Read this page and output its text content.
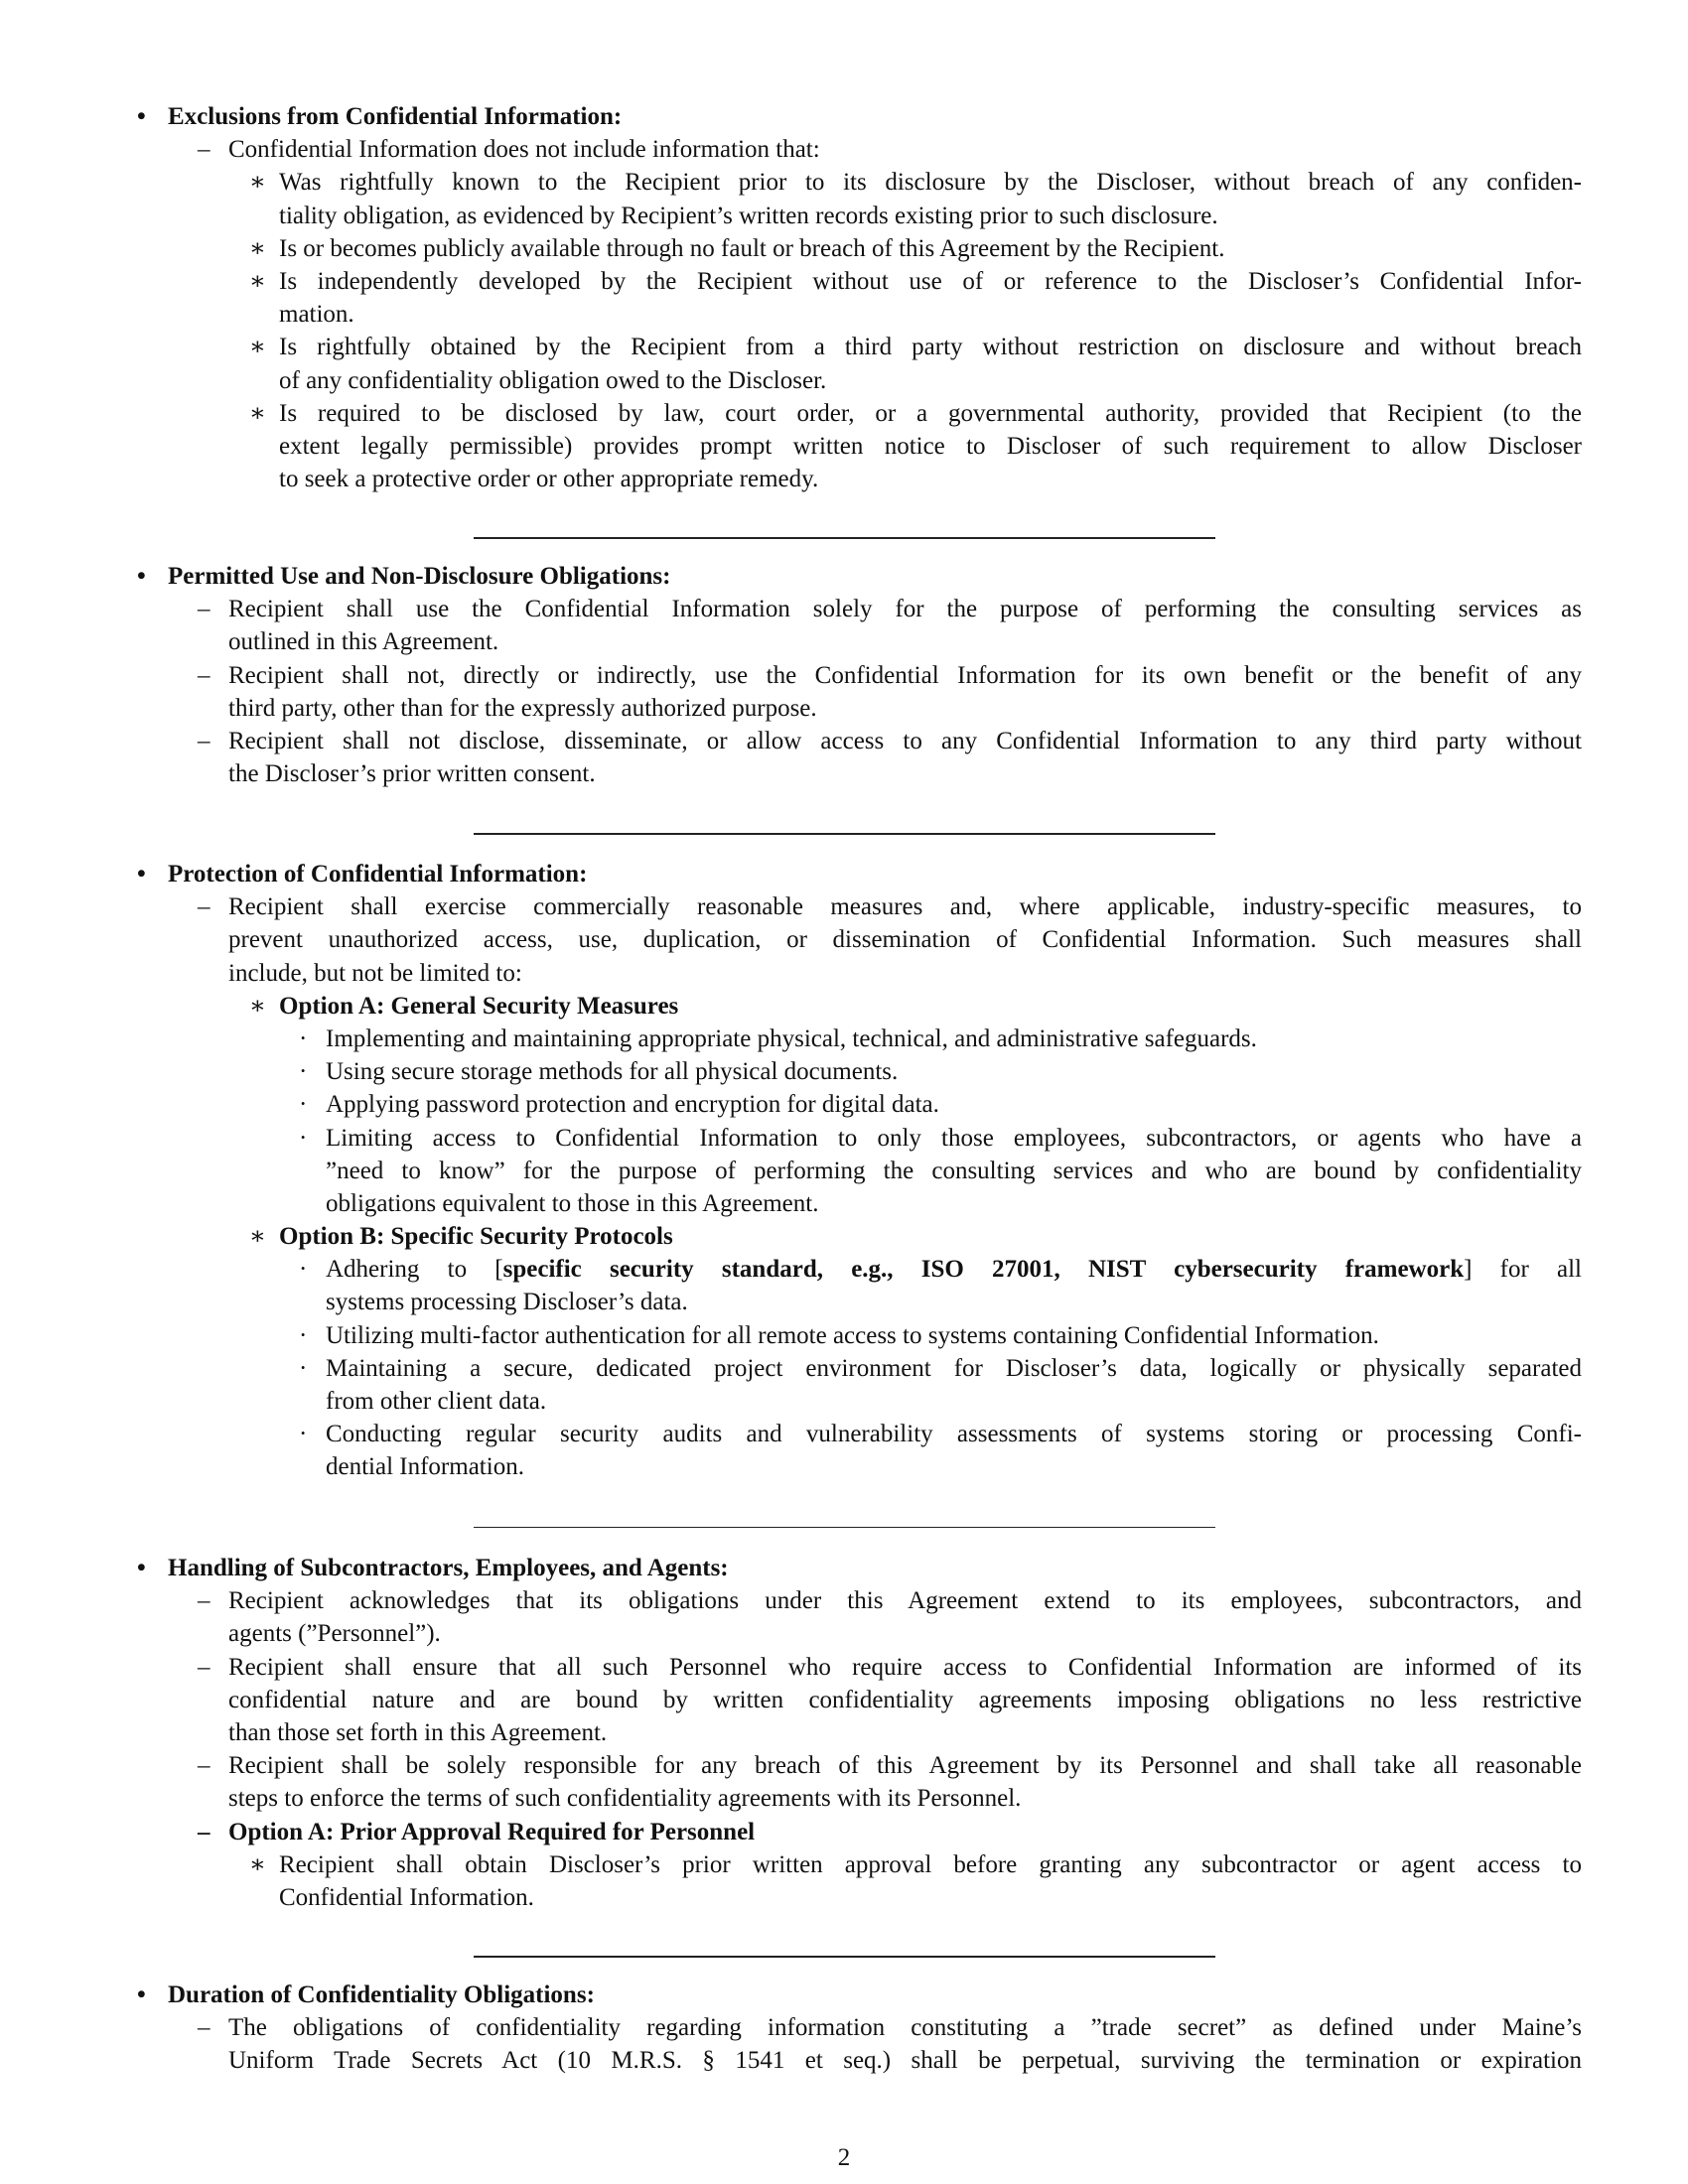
• Exclusions from Confidential Information:
– Confidential Information does not include information that:
∗ Was rightfully known to the Recipient prior to its disclosure by the Discloser, without breach of any confiden-
tiality obligation, as evidenced by Recipient’s written records existing prior to such disclosure.
∗ Is or becomes publicly available through no fault or breach of this Agreement by the Recipient.
∗ Is independently developed by the Recipient without use of or reference to the Discloser’s Confidential Infor-
mation.
∗ Is rightfully obtained by the Recipient from a third party without restriction on disclosure and without breach
of any confidentiality obligation owed to the Discloser.
∗ Is required to be disclosed by law, court order, or a governmental authority, provided that Recipient (to the
extent legally permissible) provides prompt written notice to Discloser of such requirement to allow Discloser
to seek a protective order or other appropriate remedy.
• Permitted Use and Non-Disclosure Obligations:
– Recipient shall use the Confidential Information solely for the purpose of performing the consulting services as
outlined in this Agreement.
– Recipient shall not, directly or indirectly, use the Confidential Information for its own benefit or the benefit of any
third party, other than for the expressly authorized purpose.
– Recipient shall not disclose, disseminate, or allow access to any Confidential Information to any third party without
the Discloser’s prior written consent.
• Protection of Confidential Information:
– Recipient shall exercise commercially reasonable measures and, where applicable, industry-specific measures, to
prevent unauthorized access, use, duplication, or dissemination of Confidential Information. Such measures shall
include, but not be limited to:
∗ Option A: General Security Measures
· Implementing and maintaining appropriate physical, technical, and administrative safeguards.
· Using secure storage methods for all physical documents.
· Applying password protection and encryption for digital data.
· Limiting access to Confidential Information to only those employees, subcontractors, or agents who have a
”need to know” for the purpose of performing the consulting services and who are bound by confidentiality
obligations equivalent to those in this Agreement.
∗ Option B: Specific Security Protocols
· Adhering to [specific security standard, e.g., ISO 27001, NIST cybersecurity framework] for all
systems processing Discloser’s data.
· Utilizing multi-factor authentication for all remote access to systems containing Confidential Information.
· Maintaining a secure, dedicated project environment for Discloser’s data, logically or physically separated
from other client data.
· Conducting regular security audits and vulnerability assessments of systems storing or processing Confi-
dential Information.
• Handling of Subcontractors, Employees, and Agents:
– Recipient acknowledges that its obligations under this Agreement extend to its employees, subcontractors, and
agents (”Personnel”).
– Recipient shall ensure that all such Personnel who require access to Confidential Information are informed of its
confidential nature and are bound by written confidentiality agreements imposing obligations no less restrictive
than those set forth in this Agreement.
– Recipient shall be solely responsible for any breach of this Agreement by its Personnel and shall take all reasonable
steps to enforce the terms of such confidentiality agreements with its Personnel.
– Option A: Prior Approval Required for Personnel
∗ Recipient shall obtain Discloser’s prior written approval before granting any subcontractor or agent access to
Confidential Information.
• Duration of Confidentiality Obligations:
– The obligations of confidentiality regarding information constituting a ”trade secret” as defined under Maine’s
Uniform Trade Secrets Act (10 M.R.S. § 1541 et seq.) shall be perpetual, surviving the termination or expiration
2
